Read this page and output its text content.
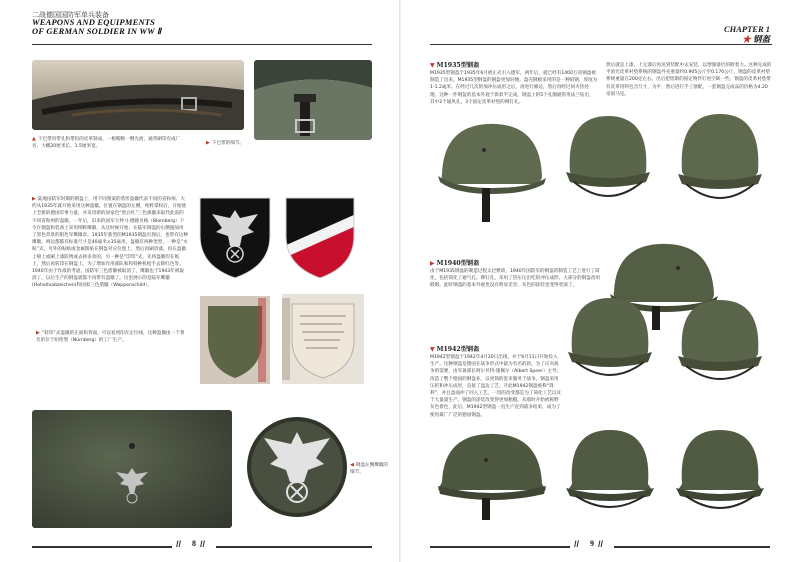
二战德国国防军单兵装备
WEAPONS AND EQUIPMENTS
OF GERMAN SOLDIER IN WW Ⅱ	CHAPTER 1
★ 钢盔
▲ 下巴带用带孔和带扣的皮革制成，一根帽檐一侧光滑，通常刷印有成厂名、大概20厘米长、1.5厘米宽。
▶ 下巴带的细节。
▶ 陆地国防军时期的钢盔上，用不同图案的盾形盔徽代表不同的省和州。大约从1935年就开始采用这种盔徽。位置在钢盔的左侧，纯粹掌权后，开始使上全新的德国军事力量，并采用新的国家色“黑白红”三色旗徽来取代此前的不同省和州的盔徽。一年后，旧来的国军大仲马·德隆贝格（Blomberg）下令在钢盔和装备上采用纳粹鹰徽，从这时候开始，在陆军钢盔的右侧施加用了黑色背景的银色军鹰徽章。1935年新型的M1935钢盔出现后，也带有这种鹰徽，两边都都有标准尺寸是40毫米×35毫米。盔徽有两种类型，一种是“水贴”式，另外的贴纸或金属版贴在钢盔对应位置上，然后再刷清漆，再在盔徽上喷上或刷上漆防锈或去掉多余的，另一种是“印印”式，先将盔徽印在纸上，然后再转印在钢盔上。为了增加作用部队和和特种机枪手去除红色等。1940年由于作战的考虑，国防军三色盾徽被取消了，鹰徽也于1943年被取消了，以后生产的钢盔就都不再带有盔徽了。这里展示的是陆军鹰徽(Hoheitsabzeichen)和国家三色盾徽（Wappenschild）。
▶ “转印”式盔徽的正面和背面，可以看到印在定位线，这种盔徽由一个著名的位于纽伦堡（Nürnberg）的工厂生产。
◀ 钢盔左侧鹰徽的细节。
// 8 //
▼ M1935型钢盔
M1935型钢盔于1935年6月被正式引入德军，两年后，就已经有1400万顶钢盔被制造了出来。M1935型钢盔的钢盔更加轻便。盔壳钢板采用的是一种钼钢，厚度为1-1.2毫米。在经过几次的加冲压成形之后，再进行修边，然后再经过回火热处理。这种一件钢盔的基本外观于新款半完成，钢盔上的5个孔圈通常用法兰钻出，其中2个通风孔，3个固定皮革衬垫的铆钉孔。
然后就是上漆，上完漆后再送到装配中去安装，以增强漆层的附着力。这种完成的平滑光皮革衬垫系统的钢盔外壳重量约0.905公斤至0.170公斤，钢盔的皮革衬垫系统重量在200克左右。出后把铝制的固定物件钉进空缺一些。钢盔的皮革衬垫带有皮革用料包含尺寸，为平，然后进行手工塞配，一套钢盔完成品的价格为4.20帝国马克。
▶ M1940型钢盔
由于M1935钢盔的制造过程太过繁琐，1940年国防军的钢盔的制造工艺上进行了简化，包括简化了通气孔、铆钉孔，采用了热压压出吃的冲压成形。大部分的钢盔改用锻钢。此时钢盔的基本外观也没有明显差异，灰色的涂装也变得更深了。
▼ M1942型钢盔
M1942型钢盔于1942年4月20日出现，并于6月11日开始投入生产。这种钢盔是德国在战争形式中最为有名的款，为了应对战争的需要，由军备部长阿尔贝特·施佩尔（Albert Speer）主导，改造了整个德国的钢盔业，以更简的套来服务于战争。钢盔采用压折和冲压成形，直接了盔边工艺。开此M1942钢盔被称“锋利”，并且盔面冲了同入工艺。一切的改变都是为了简化工艺以及于大量量生产。钢盔的涂装改变得更加粗糙。从那时开始被称野灰色着色，此后，M1942型钢盔一直生产直到战争结束，成为了使用最广广泛的德国钢盔。
// 9 //
